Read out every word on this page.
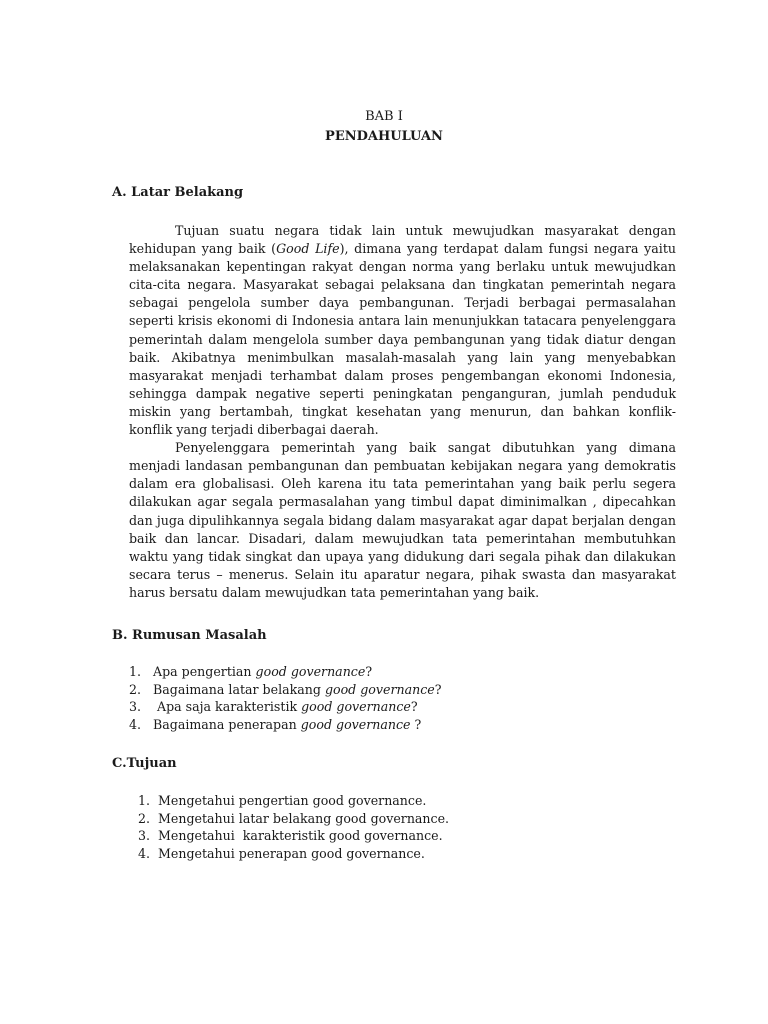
BAB I
PENDAHULUAN
A. Latar Belakang

Tujuan suatu negara tidak lain untuk mewujudkan masyarakat dengan kehidupan yang baik (Good Life), dimana yang terdapat dalam fungsi negara yaitu melaksanakan kepentingan rakyat dengan norma yang berlaku untuk mewujudkan cita-cita negara. Masyarakat sebagai pelaksana dan tingkatan pemerintah negara sebagai pengelola sumber daya pembangunan. Terjadi berbagai permasalahan seperti krisis ekonomi di Indonesia antara lain menunjukkan tatacara penyelenggara pemerintah dalam mengelola sumber daya pembangunan yang tidak diatur dengan baik. Akibatnya menimbulkan masalah-masalah yang lain yang menyebabkan masyarakat menjadi terhambat dalam proses pengembangan ekonomi Indonesia, sehingga dampak negative seperti peningkatan penganguran, jumlah penduduk miskin yang bertambah, tingkat kesehatan yang menurun, dan bahkan konflik-konflik yang terjadi diberbagai daerah.

Penyelenggara pemerintah yang baik sangat dibutuhkan yang dimana menjadi landasan pembangunan dan pembuatan kebijakan negara yang demokratis dalam era globalisasi. Oleh karena itu tata pemerintahan yang baik perlu segera dilakukan agar segala permasalahan yang timbul dapat diminimalkan , dipecahkan dan juga dipulihkannya segala bidang dalam masyarakat agar dapat berjalan dengan baik dan lancar. Disadari, dalam mewujudkan tata pemerintahan membutuhkan waktu yang tidak singkat dan upaya yang didukung dari segala pihak dan dilakukan secara terus – menerus. Selain itu aparatur negara, pihak swasta dan masyarakat harus bersatu dalam mewujudkan tata pemerintahan yang baik.

B. Rumusan Masalah
1. Apa pengertian good governance?
2. Bagaimana latar belakang good governance?
3. Apa saja karakteristik good governance?
4. Bagaimana penerapan good governance ?
C.Tujuan
1. Mengetahui pengertian good governance.
2. Mengetahui latar belakang good governance.
3. Mengetahui  karakteristik good governance.
4. Mengetahui penerapan good governance.
